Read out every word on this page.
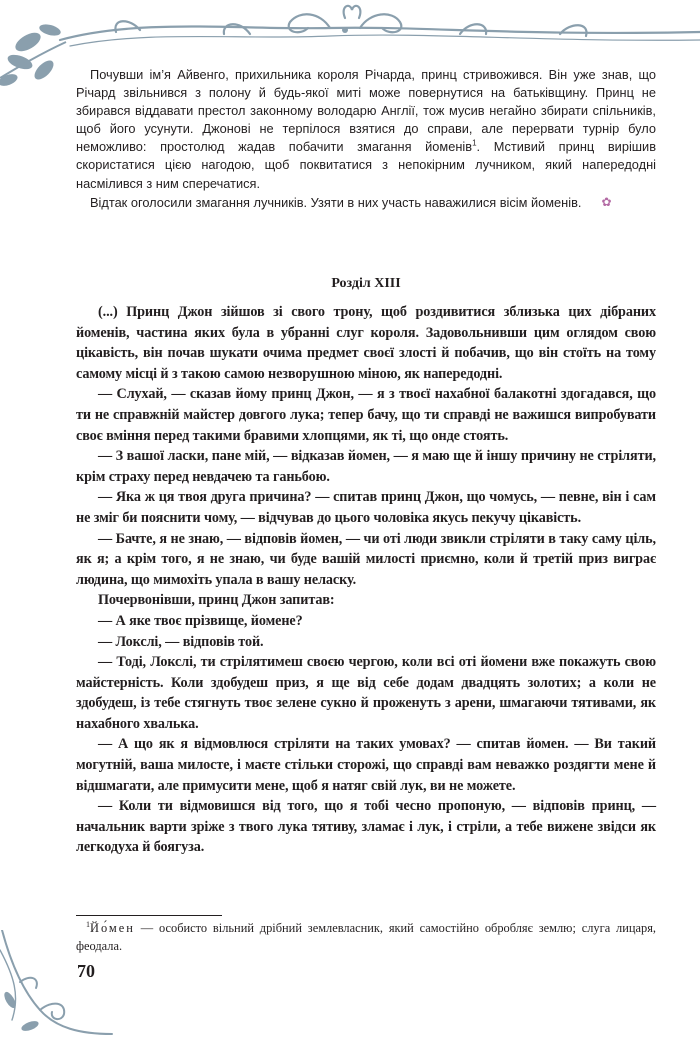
Почувши ім’я Айвенго, прихильника короля Річарда, принц стривожився. Він уже знав, що Річард звільнився з полону й будь-якої миті може повернутися на батьківщину. Принц не збирався віддавати престол законному володарю Англії, тож мусив негайно збирати спільників, щоб його усунути. Джонові не терпілося взятися до справи, але перервати турнір було неможливо: простолюд жадав побачити змагання йоменів$^1$. Мстивий принц вирішив скористатися цією нагодою, щоб поквитатися з непокірним лучником, який напередодні насмілився з ним сперечатися.

Відтак оголосили змагання лучників. Узяти в них участь наважилися вісім йоменів. ✿

Розділ XIII

(...) Принц Джон зійшов зі свого трону, щоб роздивитися зблизька цих дібраних йоменів, частина яких була в убранні слуг короля. Задовольнивши цим оглядом свою цікавість, він почав шукати очима предмет своєї злості й побачив, що він стоїть на тому самому місці й з такою самою незворушною міною, як напередодні.

— Слухай, — сказав йому принц Джон, — я з твоєї нахабної балакотні здогадався, що ти не справжній майстер довгого лука; тепер бачу, що ти справді не важишся випробувати своє вміння перед такими бравими хлопцями, як ті, що онде стоять.

— З вашої ласки, пане мій, — відказав йомен, — я маю ще й іншу причину не стріляти, крім страху перед невдачею та ганьбою.

— Яка ж ця твоя друга причина? — спитав принц Джон, що чомусь, — певне, він і сам не зміг би пояснити чому, — відчував до цього чоловіка якусь пекучу цікавість.

— Бачте, я не знаю, — відповів йомен, — чи оті люди звикли стріляти в таку саму ціль, як я; а крім того, я не знаю, чи буде вашій милості приємно, коли й третій приз виграє людина, що мимохіть упала в вашу неласку.

Почервонівши, принц Джон запитав:

— А яке твоє прізвище, йомене?

— Локслі, — відповів той.

— Тоді, Локслі, ти стрілятимеш своєю чергою, коли всі оті йомени вже покажуть свою майстерність. Коли здобудеш приз, я ще від себе додам двадцять золотих; а коли не здобудеш, із тебе стягнуть твоє зелене сукно й проженуть з арени, шмагаючи тятивами, як нахабного хвалька.

— А що як я відмовлюся стріляти на таких умовах? — спитав йомен. — Ви такий могутній, ваша милосте, і маєте стільки сторожі, що справді вам неважко роздягти мене й відшмагати, але примусити мене, щоб я натяг свій лук, ви не можете.

— Коли ти відмовишся від того, що я тобі чесно пропоную, — відповів принц, — начальник варти зріже з твого лука тятиву, зламає і лук, і стріли, а тебе вижене звідси як легкодуха й боягуза.

$^1$Йо́мен — особисто вільний дрібний землевласник, який самостійно обробляє землю; слуга лицаря, феодала.
70
